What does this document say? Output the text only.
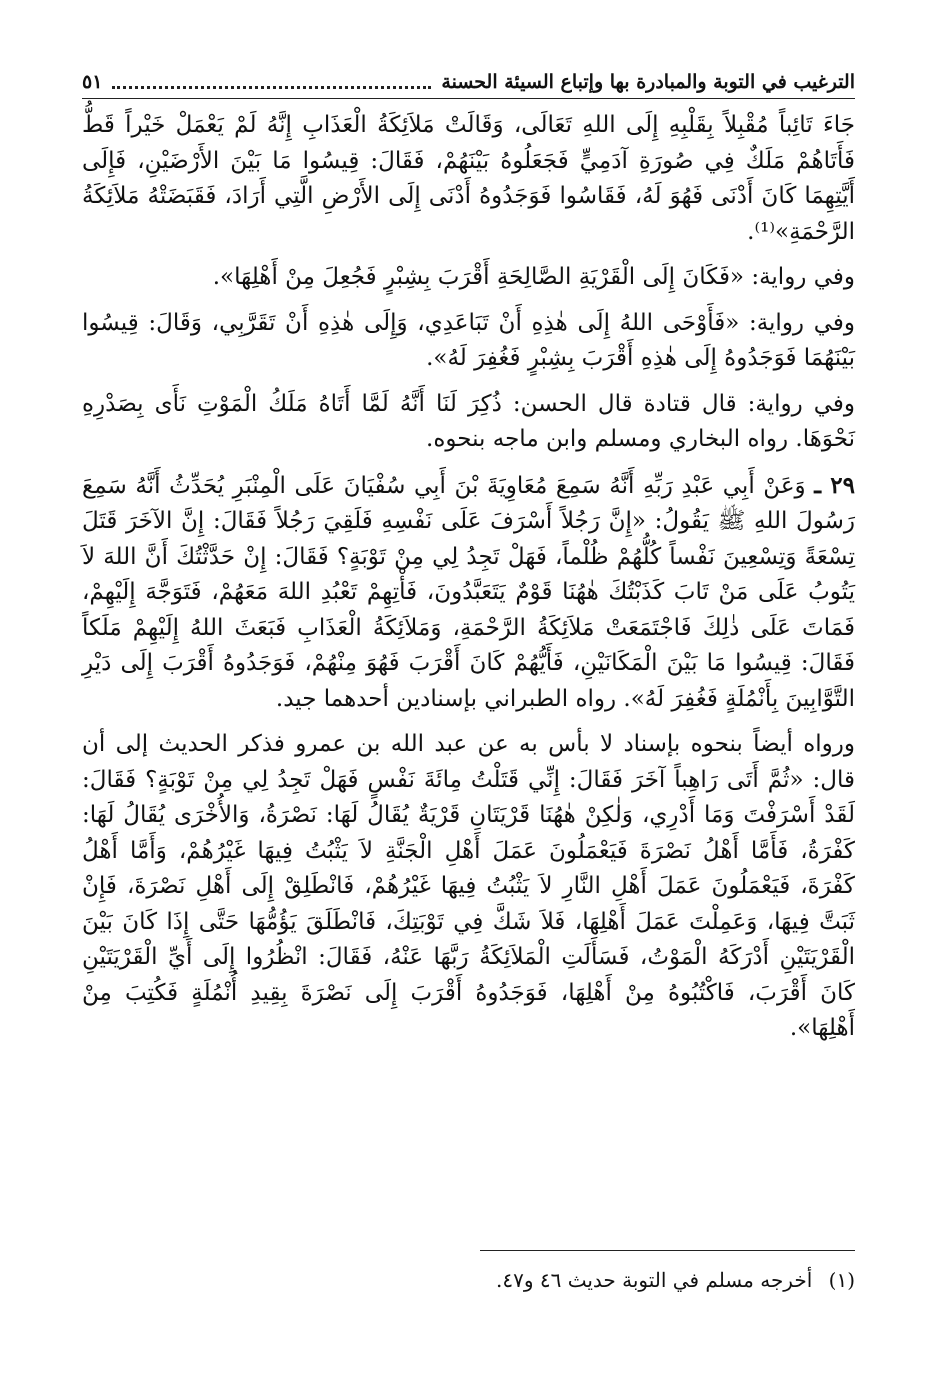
الترغيب في التوبة والمبادرة بها وإتباع السيئة الحسنة
٥١

جَاءَ تَائِباً مُقْبِلاً بِقَلْبِهِ إِلَى اللهِ تَعَالَى، وَقَالَتْ مَلاَئِكَةُ الْعَذَابِ إِنَّهُ لَمْ يَعْمَلْ خَيْراً قَطُّ فَأَتَاهُمْ مَلَكٌ فِي صُورَةِ آدَمِيٍّ فَجَعَلُوهُ بَيْنَهُمْ، فَقَالَ: قِيسُوا مَا بَيْنَ الأَرْضَيْنِ، فَإِلَى أَيَّتِهِمَا كَانَ أَدْنَى فَهُوَ لَهُ، فَقَاسُوا فَوَجَدُوهُ أَدْنَى إِلَى الأَرْضِ الَّتِي أَرَادَ، فَقَبَضَتْهُ مَلاَئِكَةُ الرَّحْمَةِ»⁽¹⁾.

وفي رواية: «فَكَانَ إِلَى الْقَرْيَةِ الصَّالِحَةِ أَقْرَبَ بِشِبْرٍ فَجُعِلَ مِنْ أَهْلِهَا».

وفي رواية: «فَأَوْحَى اللهُ إِلَى هٰذِهِ أَنْ تَبَاعَدِي، وَإِلَى هٰذِهِ أَنْ تَقَرَّبِي، وَقَالَ: قِيسُوا بَيْنَهُمَا فَوَجَدُوهُ إِلَى هٰذِهِ أَقْرَبَ بِشِبْرٍ فَغُفِرَ لَهُ».

وفي رواية: قال قتادة قال الحسن: ذُكِرَ لَنَا أَنَّهُ لَمَّا أَتَاهُ مَلَكُ الْمَوْتِ نَأَى بِصَدْرِهِ نَحْوَهَا. رواه البخاري ومسلم وابن ماجه بنحوه.

٢٩ ـ وَعَنْ أَبِي عَبْدِ رَبِّهِ أَنَّهُ سَمِعَ مُعَاوِيَةَ بْنَ أَبِي سُفْيَانَ عَلَى الْمِنْبَرِ يُحَدِّثُ أَنَّهُ سَمِعَ رَسُولَ اللهِ ﷺ يَقُولُ: «إِنَّ رَجُلاً أَسْرَفَ عَلَى نَفْسِهِ فَلَقِيَ رَجُلاً فَقَالَ: إِنَّ الآخَرَ قَتَلَ تِسْعَةً وَتِسْعِينَ نَفْساً كُلُّهُمْ ظُلْماً، فَهَلْ تَجِدُ لِي مِنْ تَوْبَةٍ؟ فَقَالَ: إِنْ حَدَّثْتُكَ أَنَّ اللهَ لاَ يَتُوبُ عَلَى مَنْ تَابَ كَذَبْتُكَ هٰهُنَا قَوْمٌ يَتَعَبَّدُونَ، فَأْتِهِمْ تَعْبُدِ اللهَ مَعَهُمْ، فَتَوَجَّهَ إِلَيْهِمْ، فَمَاتَ عَلَى ذٰلِكَ فَاجْتَمَعَتْ مَلاَئِكَةُ الرَّحْمَةِ، وَمَلاَئِكَةُ الْعَذَابِ فَبَعَثَ اللهُ إِلَيْهِمْ مَلَكاً فَقَالَ: قِيسُوا مَا بَيْنَ الْمَكَانَيْنِ، فَأَيُّهُمْ كَانَ أَقْرَبَ فَهُوَ مِنْهُمْ، فَوَجَدُوهُ أَقْرَبَ إِلَى دَيْرِ التَّوَّابِينَ بِأَنْمُلَةٍ فَغُفِرَ لَهُ». رواه الطبراني بإسنادين أحدهما جيد.

ورواه أيضاً بنحوه بإسناد لا بأس به عن عبد الله بن عمرو فذكر الحديث إلى أن قال: «ثُمَّ أَتَى رَاهِباً آخَرَ فَقَالَ: إِنِّي قَتَلْتُ مِائَةَ نَفْسٍ فَهَلْ تَجِدُ لِي مِنْ تَوْبَةٍ؟ فَقَالَ: لَقَدْ أَسْرَفْتَ وَمَا أَدْرِي، وَلٰكِنْ هٰهُنَا قَرْيَتَانِ قَرْيَةٌ يُقَالُ لَهَا: نَصْرَةُ، وَالأُخْرَى يُقَالُ لَهَا: كَفْرَةُ، فَأَمَّا أَهْلُ نَصْرَةَ فَيَعْمَلُونَ عَمَلَ أَهْلِ الْجَنَّةِ لاَ يَثْبُتُ فِيهَا غَيْرُهُمْ، وَأَمَّا أَهْلُ كَفْرَةَ، فَيَعْمَلُونَ عَمَلَ أَهْلِ النَّارِ لاَ يَثْبُتُ فِيهَا غَيْرُهُمْ، فَانْطَلِقْ إِلَى أَهْلِ نَصْرَةَ، فَإِنْ ثَبَتَّ فِيهَا، وَعَمِلْتَ عَمَلَ أَهْلِهَا، فَلاَ شَكَّ فِي تَوْبَتِكَ، فَانْطَلَقَ يَؤُمُّهَا حَتَّى إِذَا كَانَ بَيْنَ الْقَرْيَتَيْنِ أَدْرَكَهُ الْمَوْتُ، فَسَأَلَتِ الْمَلاَئِكَةُ رَبَّهَا عَنْهُ، فَقَالَ: انْظُرُوا إِلَى أَيِّ الْقَرْيَتَيْنِ كَانَ أَقْرَبَ، فَاكْتُبُوهُ مِنْ أَهْلِهَا، فَوَجَدُوهُ أَقْرَبَ إِلَى نَصْرَةَ بِقِيدِ أُنْمُلَةٍ فَكُتِبَ مِنْ أَهْلِهَا».

(١) أخرجه مسلم في التوبة حديث ٤٦ و٤٧.
